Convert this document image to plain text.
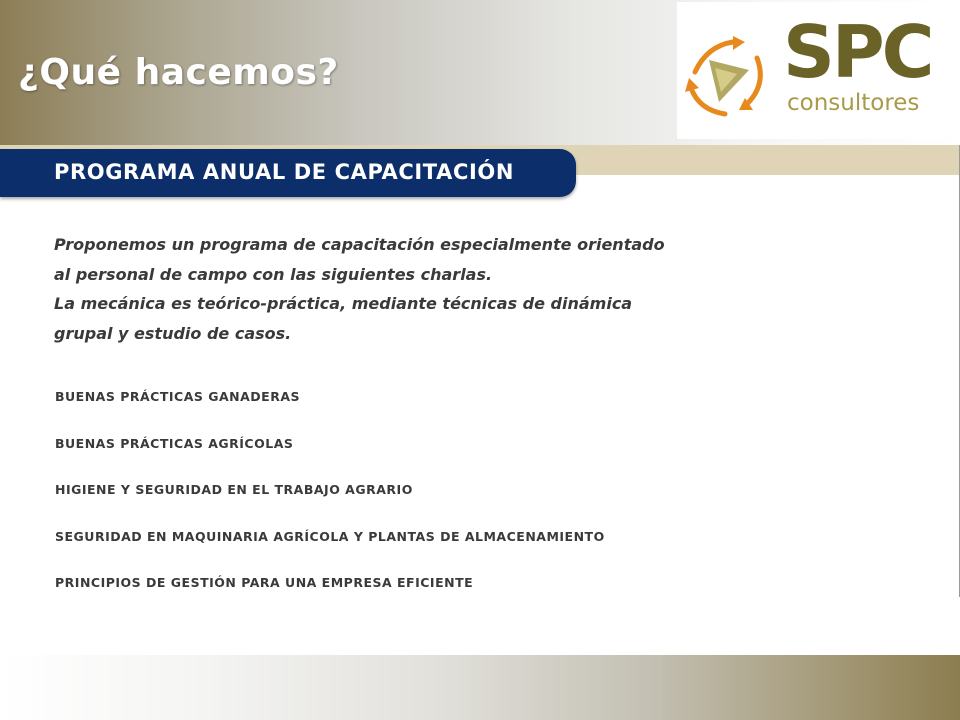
¿Qué hacemos?	SPC
consultores
PROGRAMA ANUAL DE CAPACITACIÓN

Proponemos un programa de capacitación especialmente orientado
al personal de campo con las siguientes charlas.
La mecánica es teórico-práctica, mediante técnicas de dinámica
grupal y estudio de casos.

BUENAS PRÁCTICAS GANADERAS
BUENAS PRÁCTICAS AGRÍCOLAS
HIGIENE Y SEGURIDAD EN EL TRABAJO AGRARIO
SEGURIDAD EN MAQUINARIA AGRÍCOLA Y PLANTAS DE ALMACENAMIENTO
PRINCIPIOS DE GESTIÓN PARA UNA EMPRESA EFICIENTE
